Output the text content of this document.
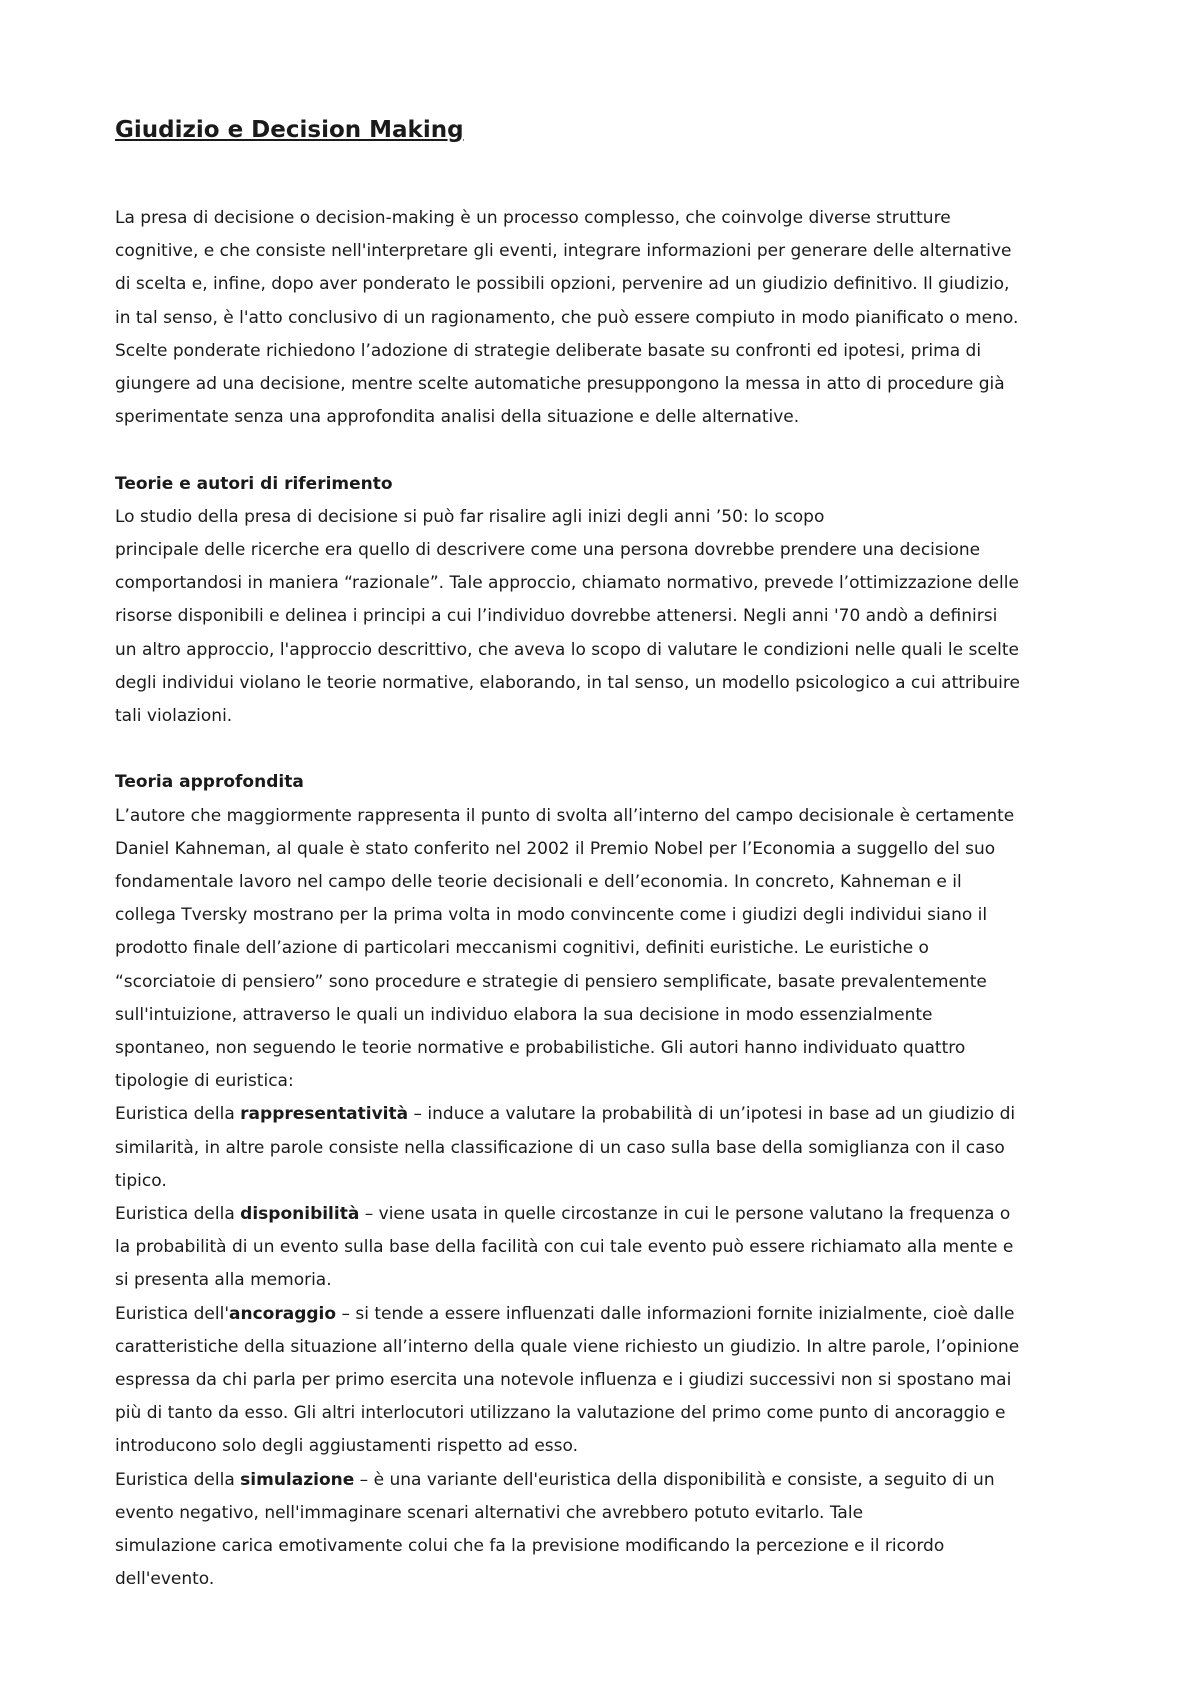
Giudizio e Decision Making
La presa di decisione o decision-making è un processo complesso, che coinvolge diverse strutture
cognitive, e che consiste nell'interpretare gli eventi, integrare informazioni per generare delle alternative
di scelta e, infine, dopo aver ponderato le possibili opzioni, pervenire ad un giudizio definitivo. Il giudizio,
in tal senso, è l'atto conclusivo di un ragionamento, che può essere compiuto in modo pianificato o meno.
Scelte ponderate richiedono l’adozione di strategie deliberate basate su confronti ed ipotesi, prima di
giungere ad una decisione, mentre scelte automatiche presuppongono la messa in atto di procedure già
sperimentate senza una approfondita analisi della situazione e delle alternative.
Teorie e autori di riferimento
Lo studio della presa di decisione si può far risalire agli inizi degli anni ’50: lo scopo
principale delle ricerche era quello di descrivere come una persona dovrebbe prendere una decisione
comportandosi in maniera “razionale”. Tale approccio, chiamato normativo, prevede l’ottimizzazione delle
risorse disponibili e delinea i principi a cui l’individuo dovrebbe attenersi. Negli anni '70 andò a definirsi
un altro approccio, l'approccio descrittivo, che aveva lo scopo di valutare le condizioni nelle quali le scelte
degli individui violano le teorie normative, elaborando, in tal senso, un modello psicologico a cui attribuire
tali violazioni.
Teoria approfondita
L’autore che maggiormente rappresenta il punto di svolta all’interno del campo decisionale è certamente
Daniel Kahneman, al quale è stato conferito nel 2002 il Premio Nobel per l’Economia a suggello del suo
fondamentale lavoro nel campo delle teorie decisionali e dell’economia. In concreto, Kahneman e il
collega Tversky mostrano per la prima volta in modo convincente come i giudizi degli individui siano il
prodotto finale dell’azione di particolari meccanismi cognitivi, definiti euristiche. Le euristiche o
“scorciatoie di pensiero” sono procedure e strategie di pensiero semplificate, basate prevalentemente
sull'intuizione, attraverso le quali un individuo elabora la sua decisione in modo essenzialmente
spontaneo, non seguendo le teorie normative e probabilistiche. Gli autori hanno individuato quattro
tipologie di euristica:
Euristica della rappresentatività – induce a valutare la probabilità di un’ipotesi in base ad un giudizio di
similarità, in altre parole consiste nella classificazione di un caso sulla base della somiglianza con il caso
tipico.
Euristica della disponibilità – viene usata in quelle circostanze in cui le persone valutano la frequenza o
la probabilità di un evento sulla base della facilità con cui tale evento può essere richiamato alla mente e
si presenta alla memoria.
Euristica dell'ancoraggio – si tende a essere influenzati dalle informazioni fornite inizialmente, cioè dalle
caratteristiche della situazione all’interno della quale viene richiesto un giudizio. In altre parole, l’opinione
espressa da chi parla per primo esercita una notevole influenza e i giudizi successivi non si spostano mai
più di tanto da esso. Gli altri interlocutori utilizzano la valutazione del primo come punto di ancoraggio e
introducono solo degli aggiustamenti rispetto ad esso.
Euristica della simulazione – è una variante dell'euristica della disponibilità e consiste, a seguito di un
evento negativo, nell'immaginare scenari alternativi che avrebbero potuto evitarlo. Tale
simulazione carica emotivamente colui che fa la previsione modificando la percezione e il ricordo
dell'evento.
